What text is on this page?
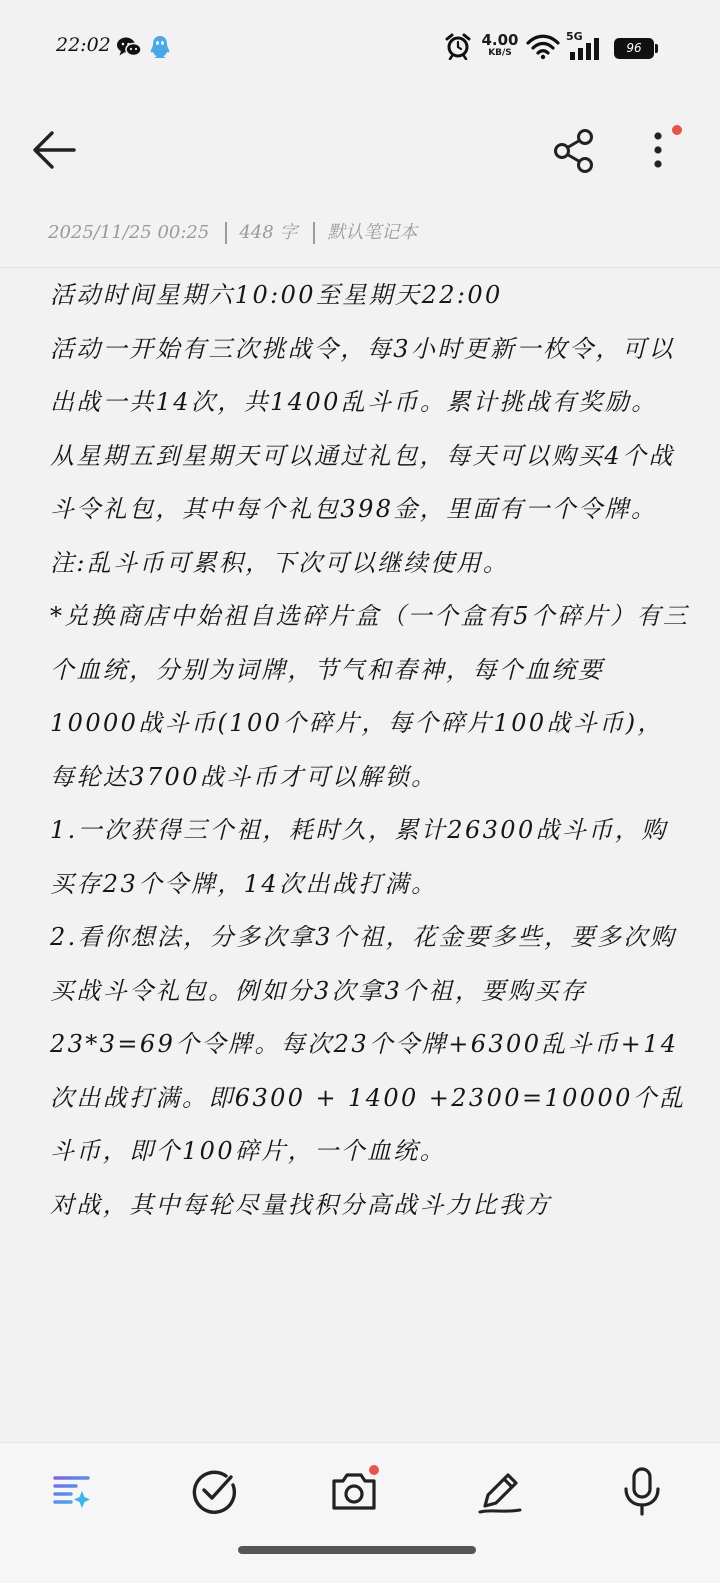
22:02	4.00
KB/S
5G
96
2025/11/25 00:25 448 字 默认笔记本

活动时间星期六10:00至星期天22:00

活动一开始有三次挑战令，每3小时更新一枚令，可以出战一共14次，共1400乱斗币。累计挑战有奖励。

从星期五到星期天可以通过礼包，每天可以购买4个战斗令礼包，其中每个礼包398金，里面有一个令牌。

注:乱斗币可累积，下次可以继续使用。

*兑换商店中始祖自选碎片盒（一个盒有5个碎片）有三个血统，分别为词牌，节气和春神，每个血统要10000战斗币(100个碎片，每个碎片100战斗币)，每轮达3700战斗币才可以解锁。

1.一次获得三个祖，耗时久，累计26300战斗币，购买存23个令牌，14次出战打满。

2.看你想法，分多次拿3个祖，花金要多些，要多次购买战斗令礼包。例如分3次拿3个祖，要购买存23*3=69个令牌。每次23个令牌+6300乱斗币+14次出战打满。即6300 + 1400 +2300=10000个乱斗币，即个100碎片，一个血统。

对战，其中每轮尽量找积分高战斗力比我方
